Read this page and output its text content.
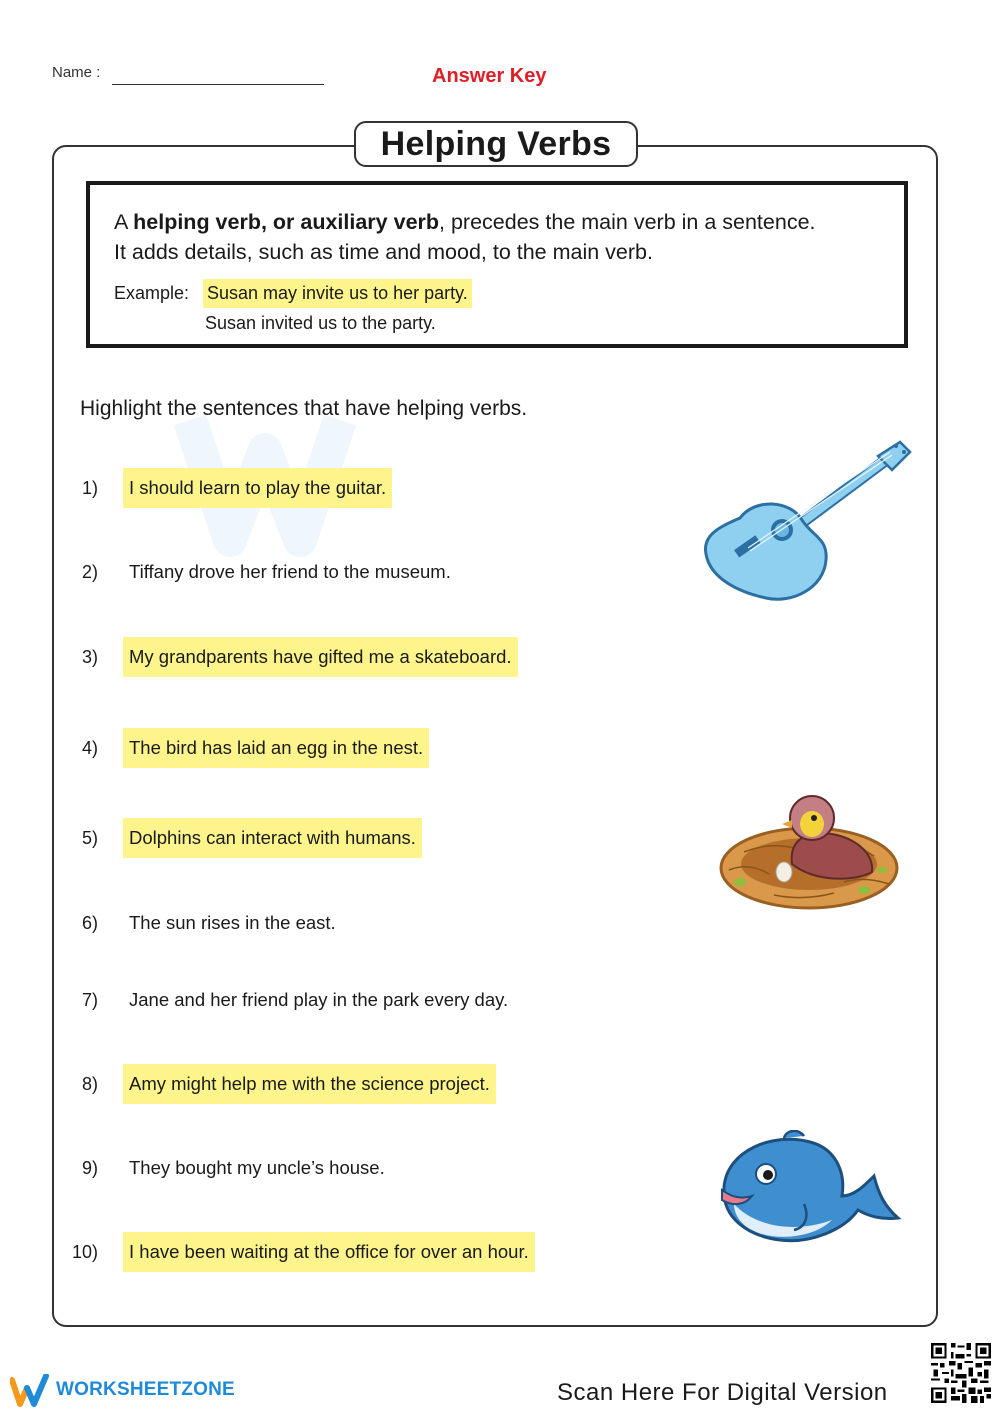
Name :	Answer Key
Helping Verbs
A helping verb, or auxiliary verb, precedes the main verb in a sentence.
It adds details, such as time and mood, to the main verb.
Example: Susan may invite us to her party.
Susan invited us to the party.
Highlight the sentences that have helping verbs.
1)	I should learn to play the guitar.
2)	Tiffany drove her friend to the museum.
3)	My grandparents have gifted me a skateboard.
4)	The bird has laid an egg in the nest.
5)	Dolphins can interact with humans.
6)	The sun rises in the east.
7)	Jane and her friend play in the park every day.
8)	Amy might help me with the science project.
9)	They bought my uncle’s house.
10)	I have been waiting at the office for over an hour.
WORKSHEETZONE	Scan Here For Digital Version
